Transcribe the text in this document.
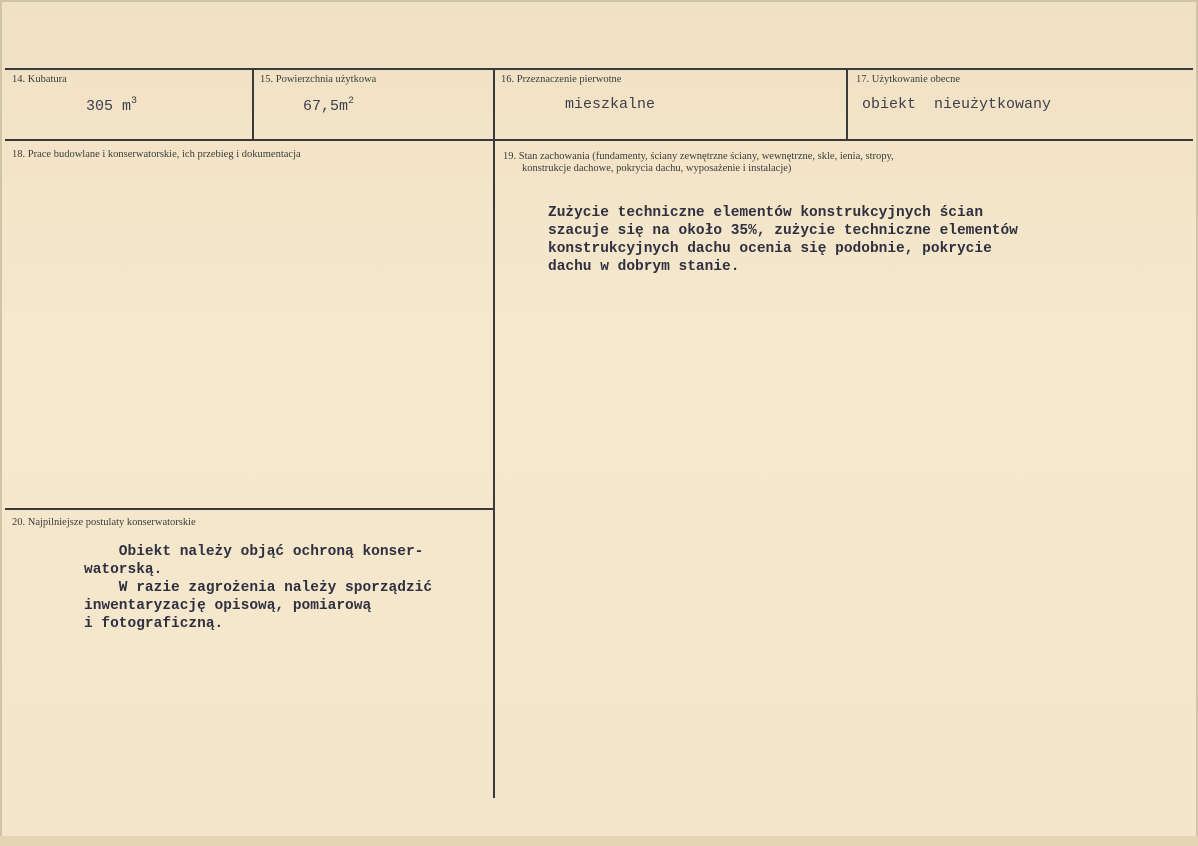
14. Kubatura
305 $m^3$
15. Powierzchnia użytkowa
$67,5m^2$
16. Przeznaczenie pierwotne
mieszkalne
17. Użytkowanie obecne
obiekt  nieużytkowany
18. Prace budowlane i konserwatorskie, ich przebieg i dokumentacja	19. Stan zachowania (fundamenty, ściany zewnętrzne ściany, wewnętrzne, skle, ienia, stropy,
konstrukcje dachowe, pokrycia dachu, wyposażenie i instalacje)
Zużycie techniczne elementów konstrukcyjnych ścian
szacuje się na około 35%, zużycie techniczne elementów
konstrukcyjnych dachu ocenia się podobnie, pokrycie
dachu w dobrym stanie.
20. Najpilniejsze postulaty konserwatorskie
Obiekt należy objąć ochroną konser-
watorską.
W razie zagrożenia należy sporządzić
inwentaryzację opisową, pomiarową
i fotograficzną.
